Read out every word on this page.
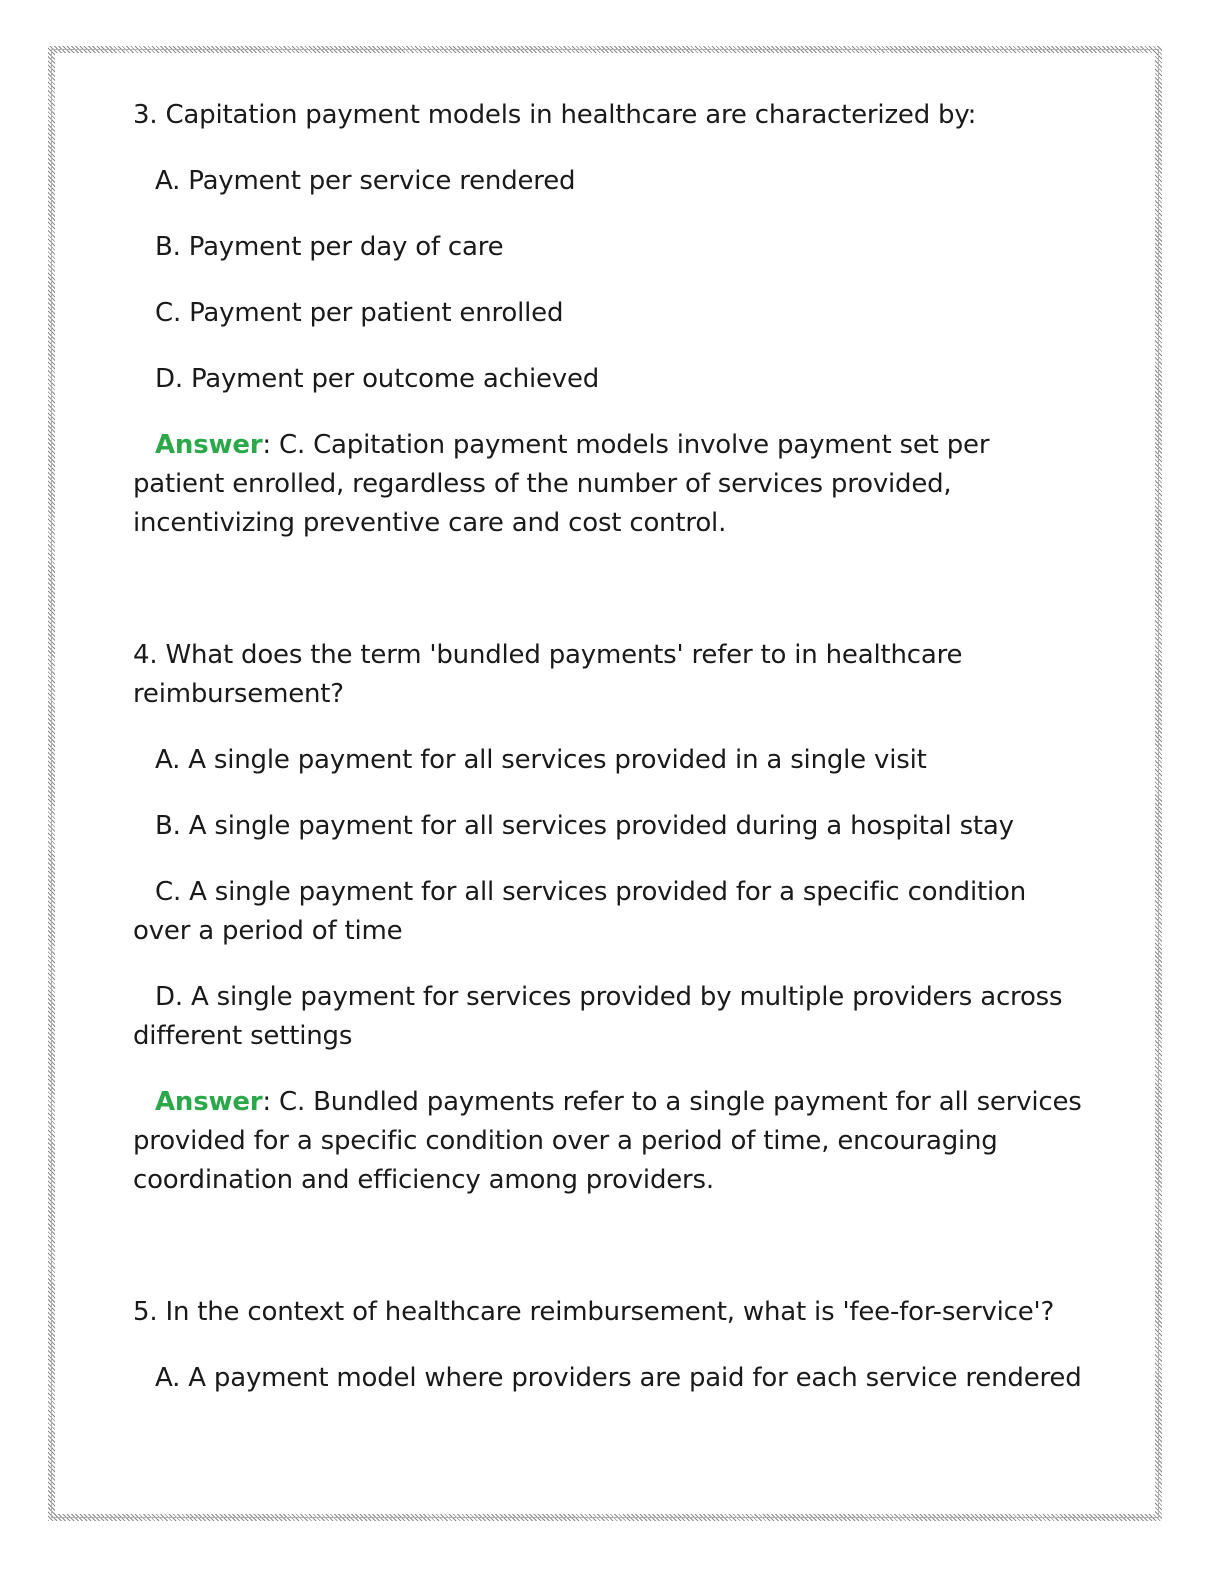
3. Capitation payment models in healthcare are characterized by:

A. Payment per service rendered

B. Payment per day of care

C. Payment per patient enrolled

D. Payment per outcome achieved

Answer: C. Capitation payment models involve payment set per patient enrolled, regardless of the number of services provided, incentivizing preventive care and cost control.

4. What does the term 'bundled payments' refer to in healthcare reimbursement?

A. A single payment for all services provided in a single visit

B. A single payment for all services provided during a hospital stay

C. A single payment for all services provided for a specific condition over a period of time

D. A single payment for services provided by multiple providers across different settings

Answer: C. Bundled payments refer to a single payment for all services provided for a specific condition over a period of time, encouraging coordination and efficiency among providers.

5. In the context of healthcare reimbursement, what is 'fee-for-service'?

A. A payment model where providers are paid for each service rendered
